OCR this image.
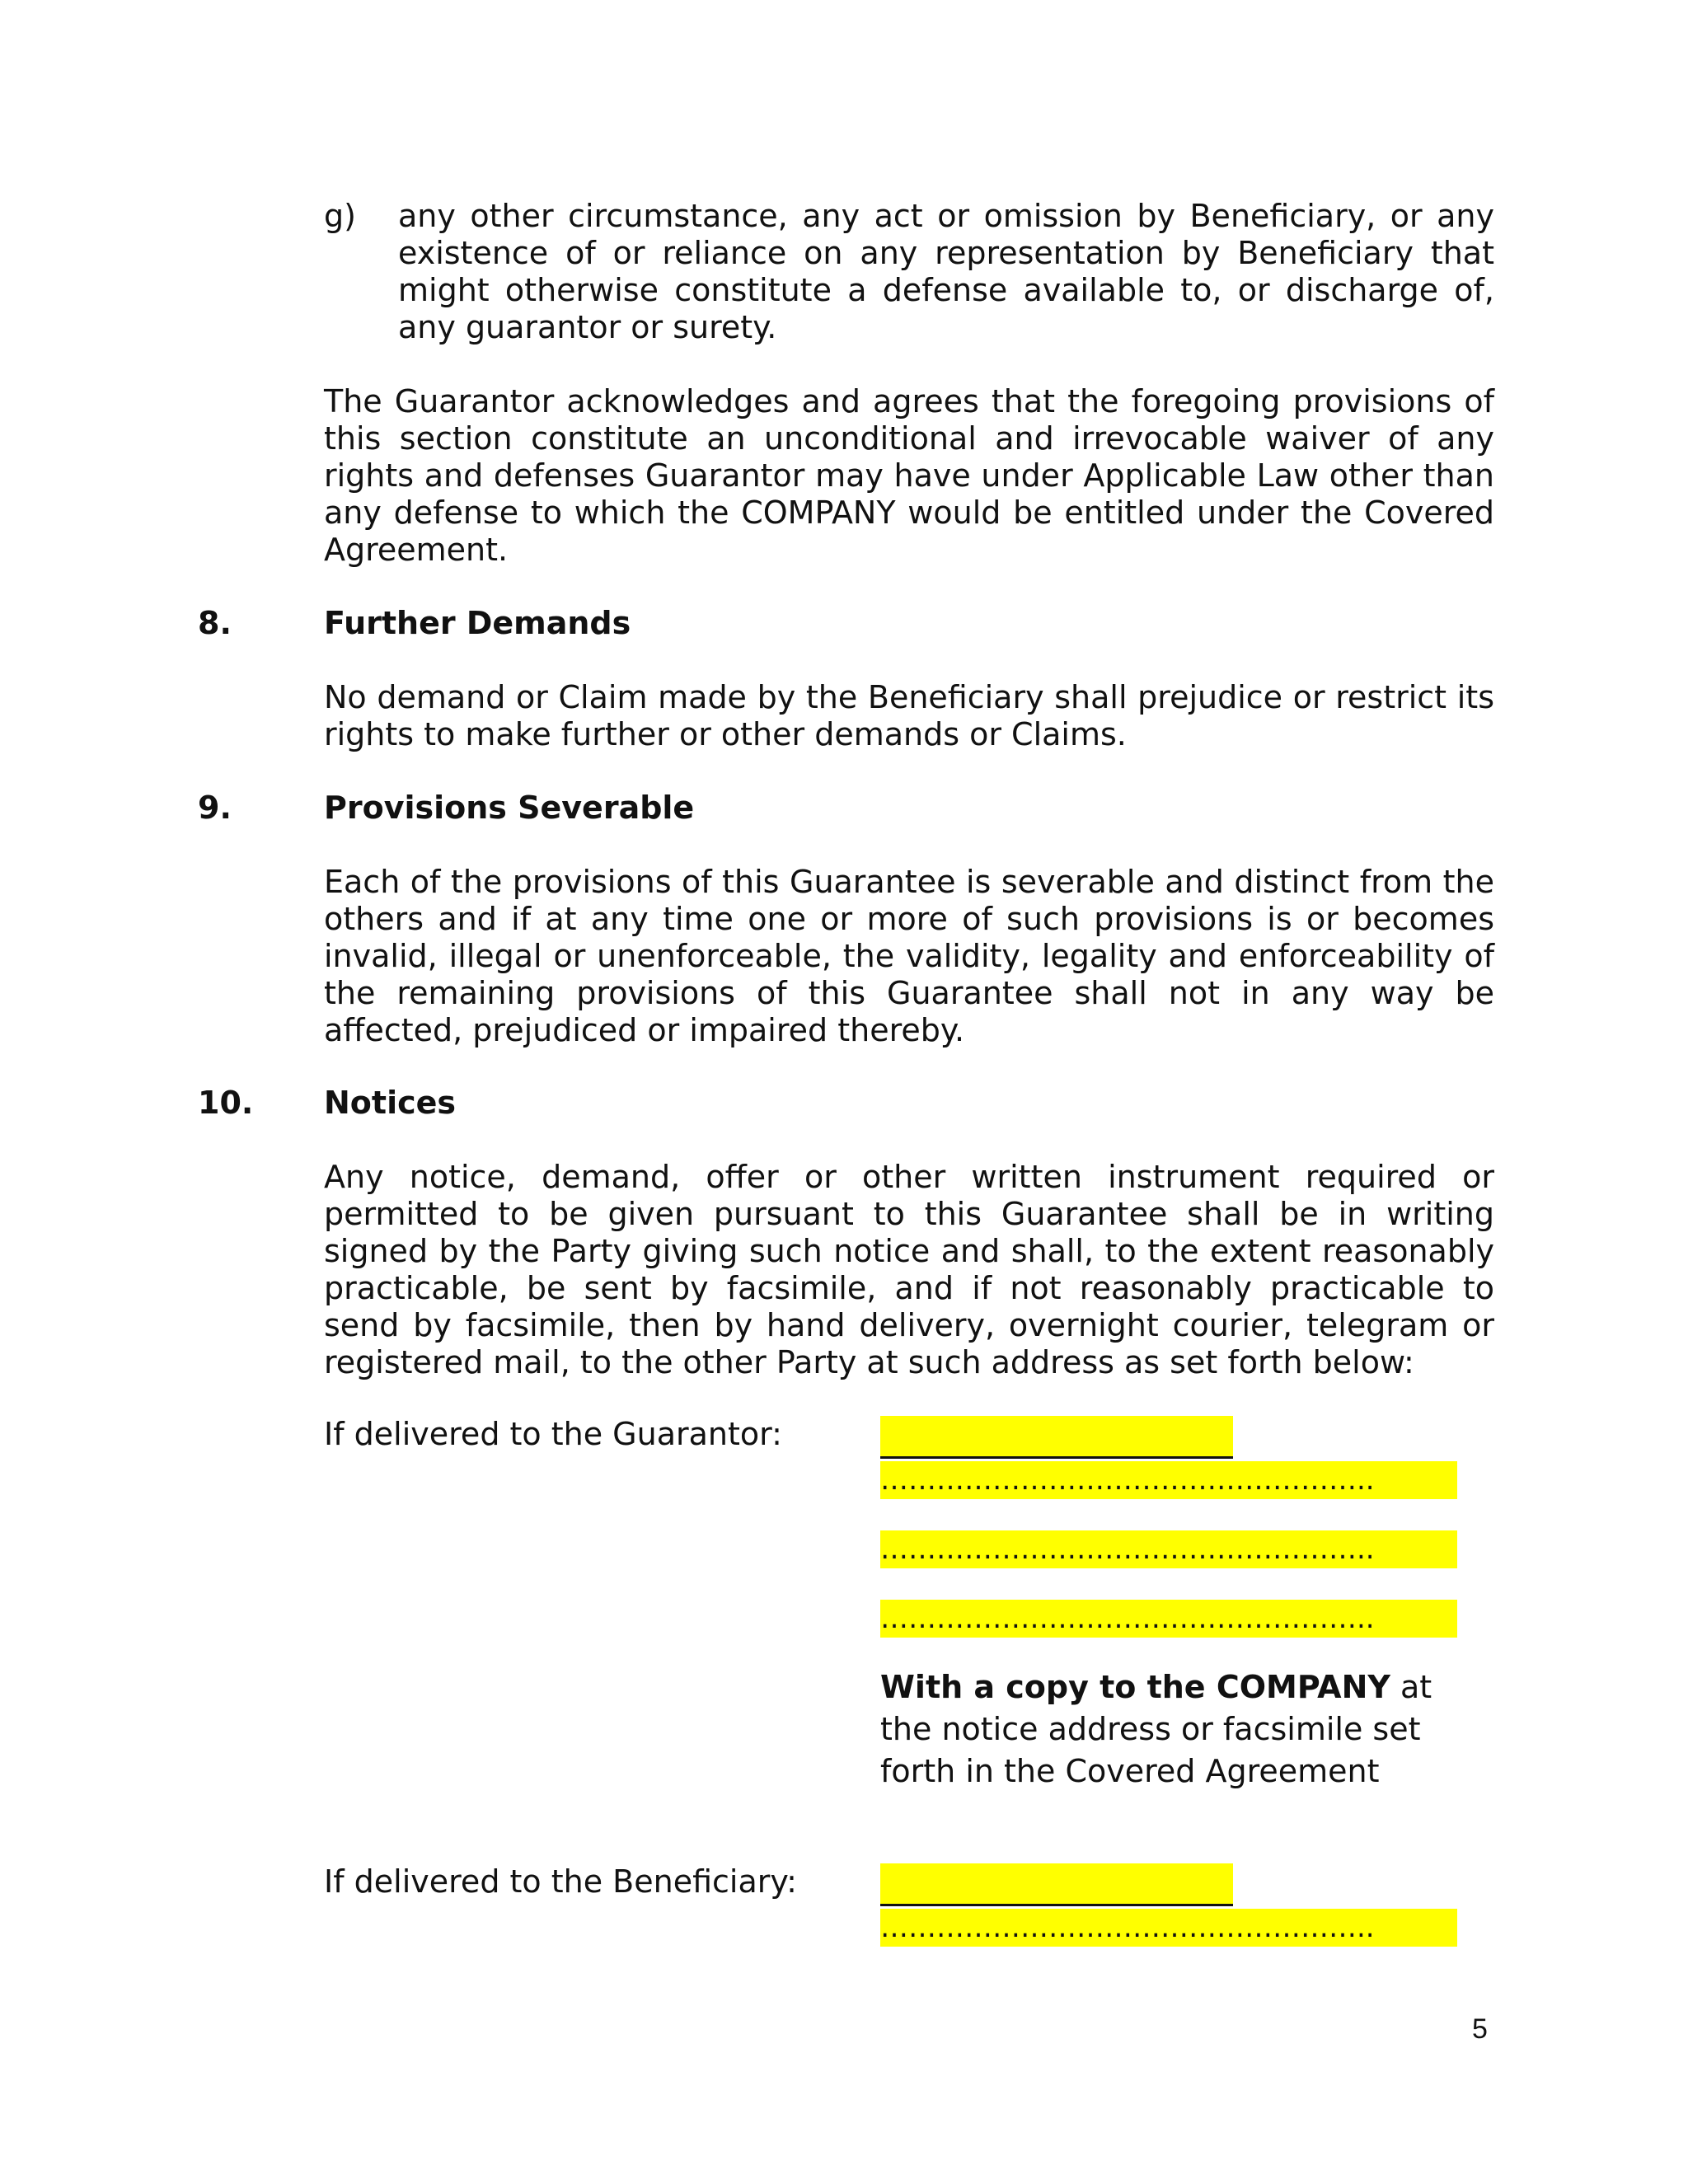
g) any other circumstance, any act or omission by Beneficiary, or any existence of or reliance on any representation by Beneficiary that might otherwise constitute a defense available to, or discharge of, any guarantor or surety.
The Guarantor acknowledges and agrees that the foregoing provisions of this section constitute an unconditional and irrevocable waiver of any rights and defenses Guarantor may have under Applicable Law other than any defense to which the COMPANY would be entitled under the Covered Agreement.
8.	Further Demands
No demand or Claim made by the Beneficiary shall prejudice or restrict its rights to make further or other demands or Claims.
9.	Provisions Severable
Each of the provisions of this Guarantee is severable and distinct from the others and if at any time one or more of such provisions is or becomes invalid, illegal or unenforceable, the validity, legality and enforceability of the remaining provisions of this Guarantee shall not in any way be affected, prejudiced or impaired thereby.
10.	Notices
Any notice, demand, offer or other written instrument required or permitted to be given pursuant to this Guarantee shall be in writing signed by the Party giving such notice and shall, to the extent reasonably practicable, be sent by facsimile, and if not reasonably practicable to send by facsimile, then by hand delivery, overnight courier, telegram or registered mail, to the other Party at such address as set forth below:
If delivered to the Guarantor:
……………………………………………..
……………………………………………..
……………………………………………..
With a copy to the COMPANY at the notice address or facsimile set forth in the Covered Agreement
If delivered to the Beneficiary:
……………………………………………..
5
